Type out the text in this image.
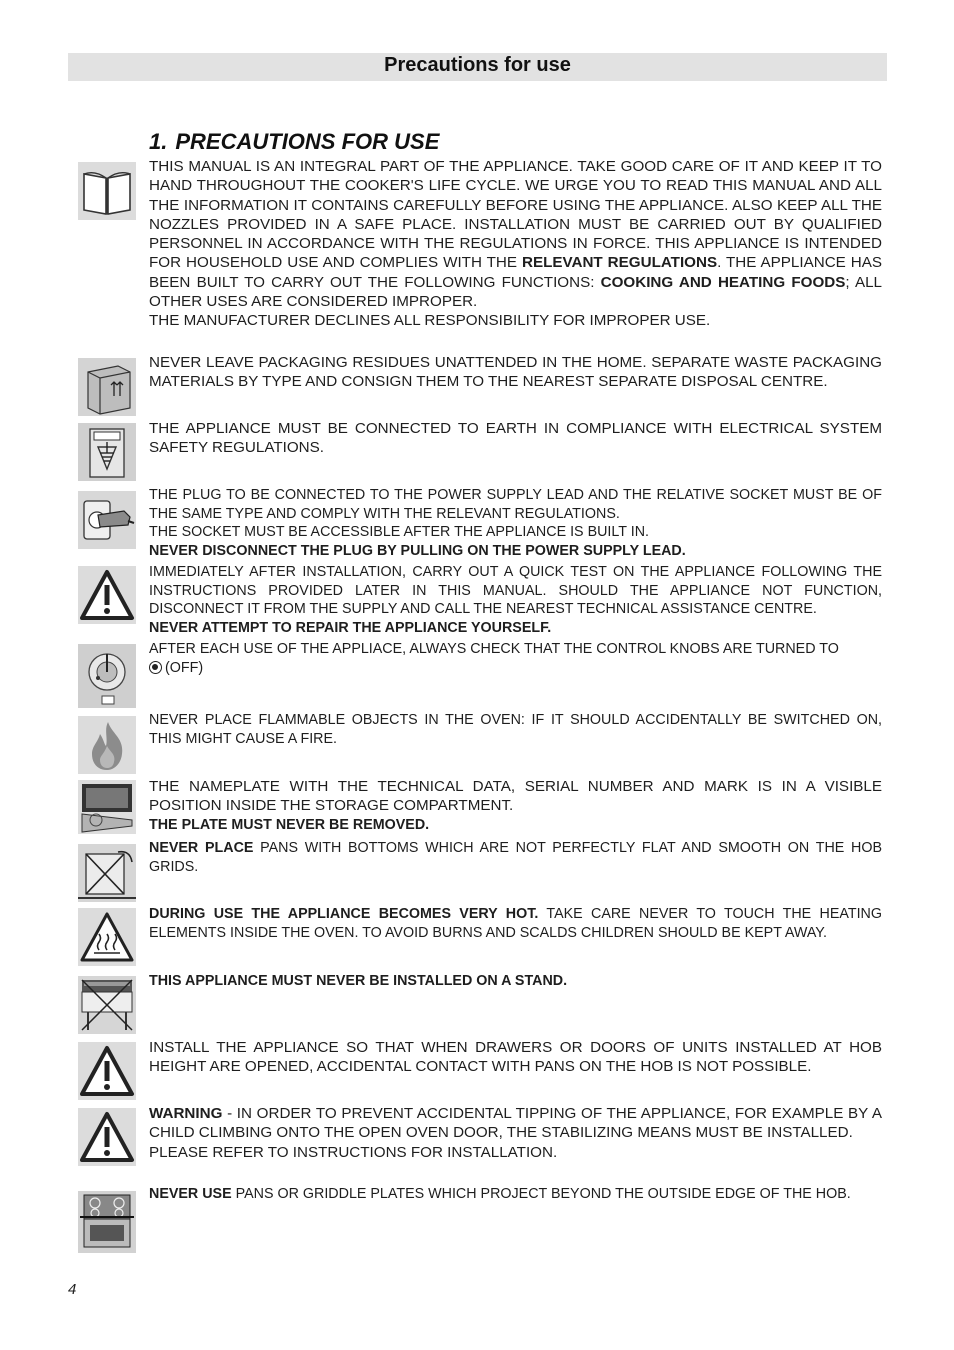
Precautions for use
1. PRECAUTIONS FOR USE

THIS MANUAL IS AN INTEGRAL PART OF THE APPLIANCE. TAKE GOOD CARE OF IT AND KEEP IT TO HAND THROUGHOUT THE COOKER'S LIFE CYCLE. WE URGE YOU TO READ THIS MANUAL AND ALL THE INFORMATION IT CONTAINS CAREFULLY BEFORE USING THE APPLIANCE. ALSO KEEP ALL THE NOZZLES PROVIDED IN A SAFE PLACE. INSTALLATION MUST BE CARRIED OUT BY QUALIFIED PERSONNEL IN ACCORDANCE WITH THE REGULATIONS IN FORCE. THIS APPLIANCE IS INTENDED FOR HOUSEHOLD USE AND COMPLIES WITH THE RELEVANT REGULATIONS. THE APPLIANCE HAS BEEN BUILT TO CARRY OUT THE FOLLOWING FUNCTIONS: COOKING AND HEATING FOODS; ALL OTHER USES ARE CONSIDERED IMPROPER.

THE MANUFACTURER DECLINES ALL RESPONSIBILITY FOR IMPROPER USE.

NEVER LEAVE PACKAGING RESIDUES UNATTENDED IN THE HOME. SEPARATE WASTE PACKAGING MATERIALS BY TYPE AND CONSIGN THEM TO THE NEAREST SEPARATE DISPOSAL CENTRE.

THE APPLIANCE MUST BE CONNECTED TO EARTH IN COMPLIANCE WITH ELECTRICAL SYSTEM SAFETY REGULATIONS.

THE PLUG TO BE CONNECTED TO THE POWER SUPPLY LEAD AND THE RELATIVE SOCKET MUST BE OF THE SAME TYPE AND COMPLY WITH THE RELEVANT REGULATIONS.

THE SOCKET MUST BE ACCESSIBLE AFTER THE APPLIANCE IS BUILT IN.

NEVER DISCONNECT THE PLUG BY PULLING ON THE POWER SUPPLY LEAD.

IMMEDIATELY AFTER INSTALLATION, CARRY OUT A QUICK TEST ON THE APPLIANCE FOLLOWING THE INSTRUCTIONS PROVIDED LATER IN THIS MANUAL. SHOULD THE APPLIANCE NOT FUNCTION, DISCONNECT IT FROM THE SUPPLY AND CALL THE NEAREST TECHNICAL ASSISTANCE CENTRE.

NEVER ATTEMPT TO REPAIR THE APPLIANCE YOURSELF.

AFTER EACH USE OF THE APPLIACE, ALWAYS CHECK THAT THE CONTROL KNOBS ARE TURNED TO

(OFF)

NEVER PLACE FLAMMABLE OBJECTS IN THE OVEN: IF IT SHOULD ACCIDENTALLY BE SWITCHED ON, THIS MIGHT CAUSE A FIRE.

THE NAMEPLATE WITH THE TECHNICAL DATA, SERIAL NUMBER AND MARK IS IN A VISIBLE POSITION INSIDE THE STORAGE COMPARTMENT.

THE PLATE MUST NEVER BE REMOVED.

NEVER PLACE PANS WITH BOTTOMS WHICH ARE NOT PERFECTLY FLAT AND SMOOTH ON THE HOB GRIDS.

DURING USE THE APPLIANCE BECOMES VERY HOT. TAKE CARE NEVER TO TOUCH THE HEATING ELEMENTS INSIDE THE OVEN. TO AVOID BURNS AND SCALDS CHILDREN SHOULD BE KEPT AWAY.

THIS APPLIANCE MUST NEVER BE INSTALLED ON A STAND.

INSTALL THE APPLIANCE SO THAT WHEN DRAWERS OR DOORS OF UNITS INSTALLED AT HOB HEIGHT ARE OPENED, ACCIDENTAL CONTACT WITH PANS ON THE HOB IS NOT POSSIBLE.

WARNING - IN ORDER TO PREVENT ACCIDENTAL TIPPING OF THE APPLIANCE, FOR EXAMPLE BY A CHILD CLIMBING ONTO THE OPEN OVEN DOOR, THE STABILIZING MEANS MUST BE INSTALLED.

PLEASE REFER TO INSTRUCTIONS FOR INSTALLATION.

NEVER USE PANS OR GRIDDLE PLATES WHICH PROJECT BEYOND THE OUTSIDE EDGE OF THE HOB.

4
